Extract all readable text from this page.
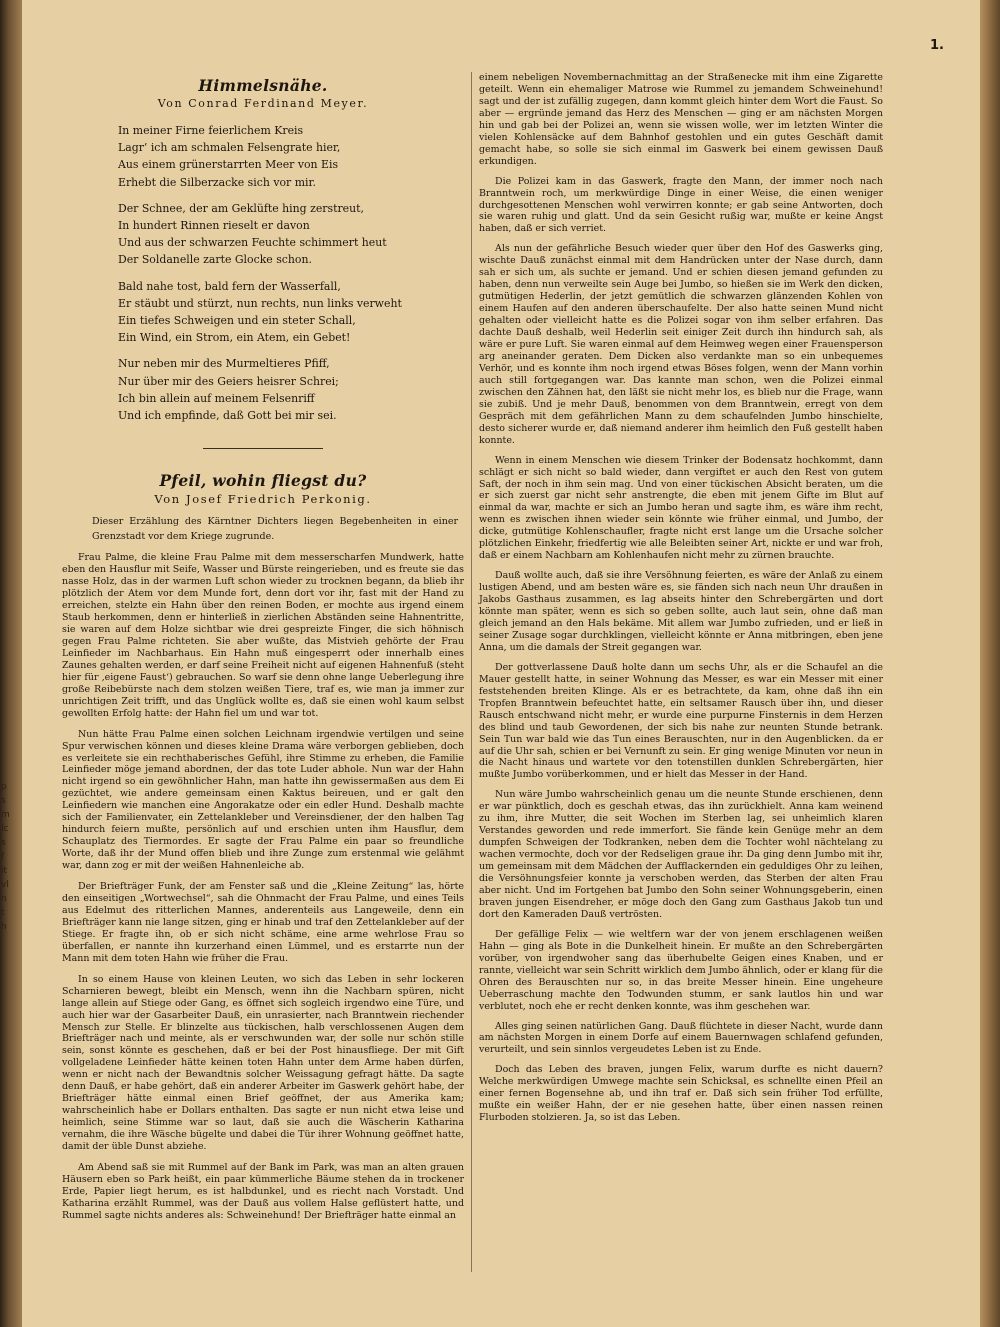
p
s
m
lc
s
f
lt
vl
n
t
h

1.
Himmelsnähe.
Von Conrad Ferdinand Meyer.
In meiner Firne feierlichem Kreis
Lagr’ ich am schmalen Felsengrate hier,
Aus einem grünerstarrten Meer von Eis
Erhebt die Silberzacke sich vor mir.
Der Schnee, der am Geklüfte hing zerstreut,
In hundert Rinnen rieselt er davon
Und aus der schwarzen Feuchte schimmert heut
Der Soldanelle zarte Glocke schon.
Bald nahe tost, bald fern der Wasserfall,
Er stäubt und stürzt, nun rechts, nun links verweht
Ein tiefes Schweigen und ein steter Schall,
Ein Wind, ein Strom, ein Atem, ein Gebet!
Nur neben mir des Murmeltieres Pfiff,
Nur über mir des Geiers heisrer Schrei;
Ich bin allein auf meinem Felsenriff
Und ich empfinde, daß Gott bei mir sei.
Pfeil, wohin fliegst du?
Von Josef Friedrich Perkonig.
Dieser Erzählung des Kärntner Dichters liegen Begebenheiten in einer Grenzstadt vor dem Kriege zugrunde.

Frau Palme, die kleine Frau Palme mit dem messerscharfen Mundwerk, hatte eben den Hausflur mit Seife, Wasser und Bürste reingerieben, und es freute sie das nasse Holz, das in der warmen Luft schon wieder zu trocknen begann, da blieb ihr plötzlich der Atem vor dem Munde fort, denn dort vor ihr, fast mit der Hand zu erreichen, stelzte ein Hahn über den reinen Boden, er mochte aus irgend einem Staub herkommen, denn er hinterließ in zierlichen Abständen seine Hahnentritte, sie waren auf dem Holze sichtbar wie drei gespreizte Finger, die sich höhnisch gegen Frau Palme richteten. Sie aber wußte, das Mistvieh gehörte der Frau Leinfieder im Nachbarhaus. Ein Hahn muß eingesperrt oder innerhalb eines Zaunes gehalten werden, er darf seine Freiheit nicht auf eigenen Hahnenfuß (steht hier für ‚eigene Faust‘) gebrauchen. So warf sie denn ohne lange Ueberlegung ihre große Reibebürste nach dem stolzen weißen Tiere, traf es, wie man ja immer zur unrichtigen Zeit trifft, und das Unglück wollte es, daß sie einen wohl kaum selbst gewollten Erfolg hatte: der Hahn fiel um und war tot.

Nun hätte Frau Palme einen solchen Leichnam irgendwie vertilgen und seine Spur verwischen können und dieses kleine Drama wäre verborgen geblieben, doch es verleitete sie ein rechthaberisches Gefühl, ihre Stimme zu erheben, die Familie Leinfieder möge jemand abordnen, der das tote Luder abhole. Nun war der Hahn nicht irgend so ein gewöhnlicher Hahn, man hatte ihn gewissermaßen aus dem Ei gezüchtet, wie andere gemeinsam einen Kaktus beireuen, und er galt den Leinfiedern wie manchen eine Angorakatze oder ein edler Hund. Deshalb machte sich der Familienvater, ein Zettelankleber und Vereinsdiener, der den halben Tag hindurch feiern mußte, persönlich auf und erschien unten ihm Hausflur, dem Schauplatz des Tiermordes. Er sagte der Frau Palme ein paar so freundliche Worte, daß ihr der Mund offen blieb und ihre Zunge zum erstenmal wie gelähmt war, dann zog er mit der weißen Hahnenleiche ab.

Der Briefträger Funk, der am Fenster saß und die „Kleine Zeitung“ las, hörte den einseitigen „Wortwechsel“, sah die Ohnmacht der Frau Palme, und eines Teils aus Edelmut des ritterlichen Mannes, anderenteils aus Langeweile, denn ein Briefträger kann nie lange sitzen, ging er hinab und traf den Zettelankleber auf der Stiege. Er fragte ihn, ob er sich nicht schäme, eine arme wehrlose Frau so überfallen, er nannte ihn kurzerhand einen Lümmel, und es erstarrte nun der Mann mit dem toten Hahn wie früher die Frau.

In so einem Hause von kleinen Leuten, wo sich das Leben in sehr lockeren Scharnieren bewegt, bleibt ein Mensch, wenn ihn die Nachbarn spüren, nicht lange allein auf Stiege oder Gang, es öffnet sich sogleich irgendwo eine Türe, und auch hier war der Gasarbeiter Dauß, ein unrasierter, nach Branntwein riechender Mensch zur Stelle. Er blinzelte aus tückischen, halb verschlossenen Augen dem Briefträger nach und meinte, als er verschwunden war, der solle nur schön stille sein, sonst könnte es geschehen, daß er bei der Post hinausfliege. Der mit Gift vollgeladene Leinfieder hätte keinen toten Hahn unter dem Arme haben dürfen, wenn er nicht nach der Bewandtnis solcher Weissagung gefragt hätte. Da sagte denn Dauß, er habe gehört, daß ein anderer Arbeiter im Gaswerk gehört habe, der Briefträger hätte einmal einen Brief geöffnet, der aus Amerika kam; wahrscheinlich habe er Dollars enthalten. Das sagte er nun nicht etwa leise und heimlich, seine Stimme war so laut, daß sie auch die Wäscherin Katharina vernahm, die ihre Wäsche bügelte und dabei die Tür ihrer Wohnung geöffnet hatte, damit der üble Dunst abziehe.

Am Abend saß sie mit Rummel auf der Bank im Park, was man an alten grauen Häusern eben so Park heißt, ein paar kümmerliche Bäume stehen da in trockener Erde, Papier liegt herum, es ist halbdunkel, und es riecht nach Vorstadt. Und Katharina erzählt Rummel, was der Dauß aus vollem Halse geflüstert hatte, und Rummel sagte nichts anderes als: Schweinehund! Der Briefträger hatte einmal an

einem nebeligen Novembernachmittag an der Straßenecke mit ihm eine Zigarette geteilt. Wenn ein ehemaliger Matrose wie Rummel zu jemandem Schweinehund! sagt und der ist zufällig zugegen, dann kommt gleich hinter dem Wort die Faust. So aber — ergründe jemand das Herz des Menschen — ging er am nächsten Morgen hin und gab bei der Polizei an, wenn sie wissen wolle, wer im letzten Winter die vielen Kohlensäcke auf dem Bahnhof gestohlen und ein gutes Geschäft damit gemacht habe, so solle sie sich einmal im Gaswerk bei einem gewissen Dauß erkundigen.

Die Polizei kam in das Gaswerk, fragte den Mann, der immer noch nach Branntwein roch, um merkwürdige Dinge in einer Weise, die einen weniger durchgesottenen Menschen wohl verwirren konnte; er gab seine Antworten, doch sie waren ruhig und glatt. Und da sein Gesicht rußig war, mußte er keine Angst haben, daß er sich verriet.

Als nun der gefährliche Besuch wieder quer über den Hof des Gaswerks ging, wischte Dauß zunächst einmal mit dem Handrücken unter der Nase durch, dann sah er sich um, als suchte er jemand. Und er schien diesen jemand gefunden zu haben, denn nun verweilte sein Auge bei Jumbo, so hießen sie im Werk den dicken, gutmütigen Hederlin, der jetzt gemütlich die schwarzen glänzenden Kohlen von einem Haufen auf den anderen überschaufelte. Der also hatte seinen Mund nicht gehalten oder vielleicht hatte es die Polizei sogar von ihm selber erfahren. Das dachte Dauß deshalb, weil Hederlin seit einiger Zeit durch ihn hindurch sah, als wäre er pure Luft. Sie waren einmal auf dem Heimweg wegen einer Frauensperson arg aneinander geraten. Dem Dicken also verdankte man so ein unbequemes Verhör, und es konnte ihm noch irgend etwas Böses folgen, wenn der Mann vorhin auch still fortgegangen war. Das kannte man schon, wen die Polizei einmal zwischen den Zähnen hat, den läßt sie nicht mehr los, es blieb nur die Frage, wann sie zubiß. Und je mehr Dauß, benommen von dem Branntwein, erregt von dem Gespräch mit dem gefährlichen Mann zu dem schaufelnden Jumbo hinschielte, desto sicherer wurde er, daß niemand anderer ihm heimlich den Fuß gestellt haben konnte.

Wenn in einem Menschen wie diesem Trinker der Bodensatz hochkommt, dann schlägt er sich nicht so bald wieder, dann vergiftet er auch den Rest von gutem Saft, der noch in ihm sein mag. Und von einer tückischen Absicht beraten, um die er sich zuerst gar nicht sehr anstrengte, die eben mit jenem Gifte im Blut auf einmal da war, machte er sich an Jumbo heran und sagte ihm, es wäre ihm recht, wenn es zwischen ihnen wieder sein könnte wie früher einmal, und Jumbo, der dicke, gutmütige Kohlenschaufler, fragte nicht erst lange um die Ursache solcher plötzlichen Einkehr, friedfertig wie alle Beleibten seiner Art, nickte er und war froh, daß er einem Nachbarn am Kohlenhaufen nicht mehr zu zürnen brauchte.

Dauß wollte auch, daß sie ihre Versöhnung feierten, es wäre der Anlaß zu einem lustigen Abend, und am besten wäre es, sie fänden sich nach neun Uhr draußen in Jakobs Gasthaus zusammen, es lag abseits hinter den Schrebergärten und dort könnte man später, wenn es sich so geben sollte, auch laut sein, ohne daß man gleich jemand an den Hals bekäme. Mit allem war Jumbo zufrieden, und er ließ in seiner Zusage sogar durchklingen, vielleicht könnte er Anna mitbringen, eben jene Anna, um die damals der Streit gegangen war.

Der gottverlassene Dauß holte dann um sechs Uhr, als er die Schaufel an die Mauer gestellt hatte, in seiner Wohnung das Messer, es war ein Messer mit einer feststehenden breiten Klinge. Als er es betrachtete, da kam, ohne daß ihn ein Tropfen Branntwein befeuchtet hatte, ein seltsamer Rausch über ihn, und dieser Rausch entschwand nicht mehr, er wurde eine purpurne Finsternis in dem Herzen des blind und taub Gewordenen, der sich bis nahe zur neunten Stunde betrank. Sein Tun war bald wie das Tun eines Berauschten, nur in den Augenblicken. da er auf die Uhr sah, schien er bei Vernunft zu sein. Er ging wenige Minuten vor neun in die Nacht hinaus und wartete vor den totenstillen dunklen Schrebergärten, hier mußte Jumbo vorüberkommen, und er hielt das Messer in der Hand.

Nun wäre Jumbo wahrscheinlich genau um die neunte Stunde erschienen, denn er war pünktlich, doch es geschah etwas, das ihn zurückhielt. Anna kam weinend zu ihm, ihre Mutter, die seit Wochen im Sterben lag, sei unheimlich klaren Verstandes geworden und rede immerfort. Sie fände kein Genüge mehr an dem dumpfen Schweigen der Todkranken, neben dem die Tochter wohl nächtelang zu wachen vermochte, doch vor der Redseligen graue ihr. Da ging denn Jumbo mit ihr, um gemeinsam mit dem Mädchen der Aufflackernden ein geduldiges Ohr zu leihen, die Versöhnungsfeier konnte ja verschoben werden, das Sterben der alten Frau aber nicht. Und im Fortgehen bat Jumbo den Sohn seiner Wohnungsgeberin, einen braven jungen Eisendreher, er möge doch den Gang zum Gasthaus Jakob tun und dort den Kameraden Dauß vertrösten.

Der gefällige Felix — wie weltfern war der von jenem erschlagenen weißen Hahn — ging als Bote in die Dunkelheit hinein. Er mußte an den Schrebergärten vorüber, von irgendwoher sang das überhubelte Geigen eines Knaben, und er rannte, vielleicht war sein Schritt wirklich dem Jumbo ähnlich, oder er klang für die Ohren des Berauschten nur so, in das breite Messer hinein. Eine ungeheure Ueberraschung machte den Todwunden stumm, er sank lautlos hin und war verblutet, noch ehe er recht denken konnte, was ihm geschehen war.

Alles ging seinen natürlichen Gang. Dauß flüchtete in dieser Nacht, wurde dann am nächsten Morgen in einem Dorfe auf einem Bauernwagen schlafend gefunden, verurteilt, und sein sinnlos vergeudetes Leben ist zu Ende.

Doch das Leben des braven, jungen Felix, warum durfte es nicht dauern? Welche merkwürdigen Umwege machte sein Schicksal, es schnellte einen Pfeil an einer fernen Bogensehne ab, und ihn traf er. Daß sich sein früher Tod erfüllte, mußte ein weißer Hahn, der er nie gesehen hatte, über einen nassen reinen Flurboden stolzieren. Ja, so ist das Leben.
